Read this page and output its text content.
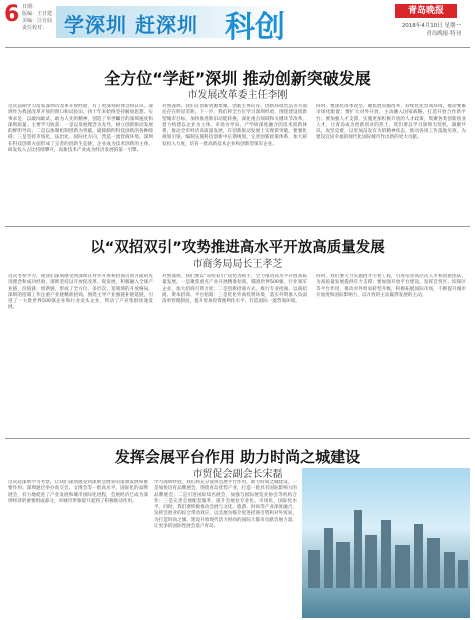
6 日期：
版编：王日建
美编：汪有仙
责任校对： 学深圳 赶深圳 科创	青岛晚报
2018年4月10日 星期一
青岛晚报·特刊
全方位“学赶”深圳 推动创新突破发展
市发展改革委主任李刚
这次前期学习借鉴深圳市改革开放经验，有了更深刻的体会和认识。深圳作为我国改革开放的窗口和试验田，四十年来始终坚持解放思想、实事求是，以敢闯敢试、敢为人先的精神，创造了举世瞩目的深圳速度和深圳质量。主要学习收获：一是以发展理念为先导，树立创新驱动发展的鲜明导向；二是以体制机制创新为突破，破除制约科技创新的各种障碍；三是坚持市场化、法治化、国际化方向，营造一流营商环境。深圳在科技创新方面形成了完善的创新生态链，企业成为技术创新的主体，研发投入占比持续攀升，高新技术产业成为经济发展的第一引擎。
对照深圳，我们在创新资源集聚、创新主体培育、创新环境营造等方面还存在明显差距。下一步，我们将全方位学习深圳经验，围绕建设创新型城市目标，加快推进新旧动能转换，深化重点领域和关键环节改革，着力构建以企业为主体、市场为导向、产学研深度融合的技术创新体系，推动全市经济高质量发展，在创新驱动发展上实现新突破。要强化规划引领，编制实施科技创新中长期规划，完善创新政策体系，加大研发投入力度，培育一批高新技术企业和创新型领军企业。
同时，要深化改革攻坚，聚焦放管服改革，持续优化营商环境，推动要素市场化配置；要扩大对外开放，主动融入国家战略，打造开放合作新平台；要加强人才支撑，实施更加积极开放的人才政策，集聚各类创新创业人才，让青岛成为创新创业的热土。我们要以学习深圳为契机，凝聚共识，攻坚克难，以更加奋发有为的精神状态，推动各项工作落地见效，为建设宜居幸福的现代化国际城市作出新的更大贡献。
以“双招双引”攻势推进高水平开放高质量发展
市商务局局长王孝芝
这次考察学习，使我们深刻感受到深圳在对外开放和招商引资方面的先进理念和成功经验。深圳坚持以开放促改革、促发展，积极融入全球产业链、价值链、创新链，形成了全方位、多层次、宽领域的开放格局。深圳的招商工作注重产业链精准招商，围绕主导产业强链补链延链，引进了一大批世界500强企业和行业龙头企业，带动了产业集群快速发展。
对照深圳，我们要以“双招双引”攻势为抓手，全力推进高水平开放高质量发展。一是聚焦重点产业开展精准招商，瞄准世界500强、行业领军企业，加大招商引资力度；二是创新招商方式，推行专业招商、以商招商、资本招商、平台招商；三是优化外商投资环境，落实外资准入负面清单管理制度，提升贸易投资便利化水平，打造国际一流营商环境。
同时，我们要大力实施招才引智工程，引进培育高层次人才和创新团队，为高质量发展提供有力支撑；要加强开放平台建设，发挥自贸区、综保区等平台作用，推动对外贸易转型升级，积极拓展国际市场，不断提升城市开放度和国际影响力，以开放的主动赢得发展的主动。
发挥会展平台作用 助力时尚之城建设
市贸促会副会长宋磊
这次赴深圳学习考察，让我们深刻感受到深圳会展业的蓬勃发展和重要作用。深圳通过举办高交会、文博会等一批高水平、国际化的品牌展会，有力地促进了产业发展和城市国际化进程，会展经济已成为深圳经济的重要组成部分，对城市形象提升起到了积极推动作用。
学习深圳经验，我们将充分发挥会展平台作用，助力时尚之城建设。一是加快培育品牌展会，围绕青岛优势产业，打造一批具有国际影响力的品牌展会；二是引进国际知名展会，加强与国际展览业协会等机构合作；三是完善会展配套服务，提升会展业专业化、市场化、国际化水平。同时，我们要积极推动会展与文化、旅游、时尚等产业深度融合，发挥会展业的综合带动效应，以会展为媒介促进招商引资和对外贸易，为打造时尚之城、建设开放现代活力时尚的国际大都市贡献会展力量，让更多的国际性展会落户青岛。
